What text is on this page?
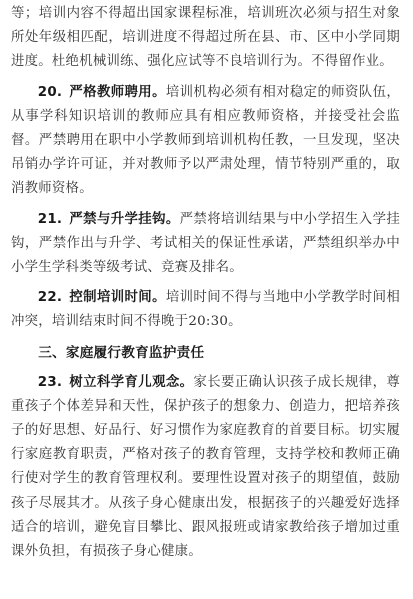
等；培训内容不得超出国家课程标准，培训班次必须与招生对象所处年级相匹配，培训进度不得超过所在县、市、区中小学同期进度。杜绝机械训练、强化应试等不良培训行为。不得留作业。

20.  严格教师聘用。培训机构必须有相对稳定的师资队伍，从事学科知识培训的教师应具有相应教师资格，并接受社会监督。严禁聘用在职中小学教师到培训机构任教，一旦发现，坚决吊销办学许可证，并对教师予以严肃处理，情节特别严重的，取消教师资格。

21.  严禁与升学挂钩。严禁将培训结果与中小学招生入学挂钩，严禁作出与升学、考试相关的保证性承诺，严禁组织举办中小学生学科类等级考试、竞赛及排名。

22.  控制培训时间。培训时间不得与当地中小学教学时间相冲突，培训结束时间不得晚于20:30。

三、家庭履行教育监护责任

23.  树立科学育儿观念。家长要正确认识孩子成长规律，尊重孩子个体差异和天性，保护孩子的想象力、创造力，把培养孩子的好思想、好品行、好习惯作为家庭教育的首要目标。切实履行家庭教育职责，严格对孩子的教育管理，支持学校和教师正确行使对学生的教育管理权利。要理性设置对孩子的期望值，鼓励孩子尽展其才。从孩子身心健康出发，根据孩子的兴趣爱好选择适合的培训，避免盲目攀比、跟风报班或请家教给孩子增加过重课外负担，有损孩子身心健康。
